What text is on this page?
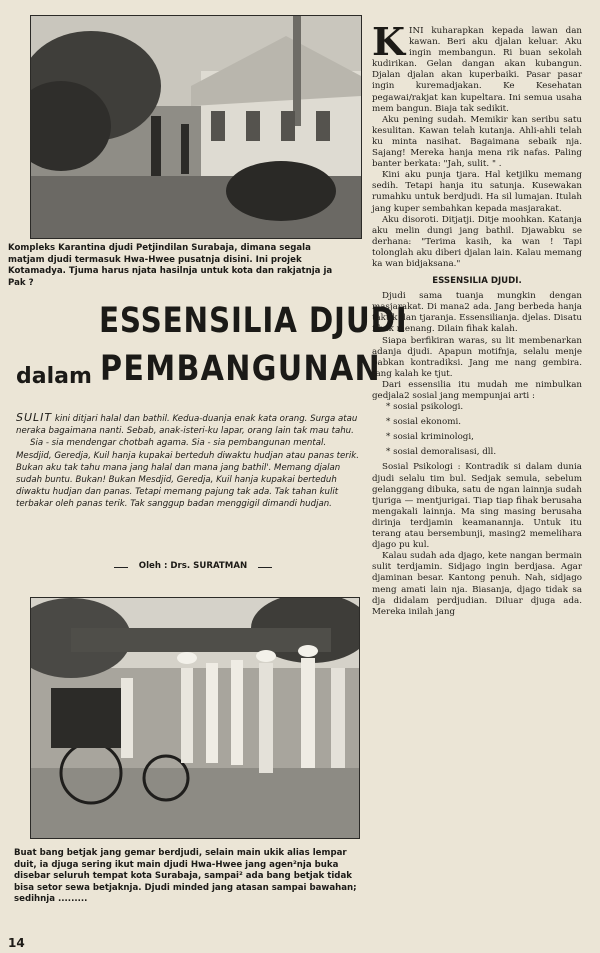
Kompleks Karantina djudi Petjindilan Surabaja, dimana segala matjam djudi termasuk Hwa-Hwee pusatnja disini. Ini projek Kotamadya. Tjuma harus njata hasilnja untuk kota dan rakjatnja ja Pak ?

ESSENSILIA DJUDI
dalam PEMBANGUNAN

SULIT kini ditjari halal dan bathil. Kedua-duanja enak kata orang. Surga atau neraka bagaimana nanti. Sebab, anak-isteri-ku lapar, orang lain tak mau tahu.

Sia - sia mendengar chotbah agama. Sia - sia pembangunan mental. Mesdjid, Geredja, Kuil hanja kupakai berteduh diwaktu hudjan atau panas terik. Bukan aku tak tahu mana jang halal dan mana jang bathil'. Memang djalan sudah buntu. Bukan! Bukan Mesdjid, Geredja, Kuil hanja kupakai berteduh diwaktu hudjan dan panas. Tetapi memang pajung tak ada. Tak tahan kulit terbakar oleh panas terik. Tak sanggup badan menggigil dimandi hudjan.

Oleh : Drs. SURATMAN

Buat bang betjak jang gemar berdjudi, selain main ukik alias lempar duit, ia djuga sering ikut main djudi Hwa-Hwee jang agen²nja buka disebar seluruh tempat kota Surabaja, sampai² ada bang betjak tidak bisa setor sewa betjaknja. Djudi minded jang atasan sampai bawahan; sedihnja .........

14

KINI kuharapkan kepada lawan dan kawan. Beri aku djalan keluar. Aku ingin membangun. Ri buan sekolah kudirikan. Gelan dangan akan kubangun. Djalan djalan akan kuperbaiki. Pasar pasar ingin kuremadjakan. Ke Kesehatan pegawai/rakjat kan kupeltara. Ini semua usaha mem bangun. Biaja tak sedikit.

Aku pening sudah. Memikir kan seribu satu kesulitan. Kawan telah kutanja. Ahli-ahli telah ku minta nasihat. Bagaimana sebaik nja. Sajang! Mereka hanja mena rik nafas. Paling banter berkata: "Jah, sulit. " .

Kini aku punja tjara. Hal ketjilku memang sedih. Tetapi hanja itu satunja. Kusewakan rumahku untuk berdjudi. Ha sil lumajan. Itulah jang kuper sembahkan kepada masjarakat.

Aku disoroti. Ditjatji. Ditje moohkan. Katanja aku melin dungi jang bathil. Djawabku se derhana: "Terima kasih, ka wan ! Tapi tolonglah aku diberi djalan lain. Kalau memang ka wan bidjaksana."

ESSENSILIA DJUDI.

Djudi sama tuanja mungkin dengan masjarakat. Di mana2 ada. Jang berbeda hanja taktik dan tjaranja. Essensilianja. djelas. Disatu fihak menang. Dilain fihak kalah.

Siapa berfikiran waras, su lit membenarkan adanja djudi. Apapun motifnja, selalu menje babkan kontradiksi. Jang me nang gembira. Jang kalah ke tjut.

Dari essensilia itu mudah me nimbulkan gedjala2 sosial jang mempunjai arti :

* sosial psikologi.
* sosial ekonomi.
* sosial kriminologi,
* sosial demoralisasi, dll.

Sosial Psikologi : Kontradik si dalam dunia djudi selalu tim bul. Sedjak semula, sebelum gelanggang dibuka, satu de ngan lainnja sudah tjuriga — mentjurigai. Tiap tiap fihak berusaha mengakali lainnja. Ma sing masing berusaha dirinja terdjamin keamanannja. Untuk itu terang atau bersembunji, masing2 memelihara djago pu kul.

Kalau sudah ada djago, kete nangan bermain sulit terdjamin. Sidjago ingin berdjasa. Agar djaminan besar. Kantong penuh. Nah, sidjago meng amati lain nja. Biasanja, djago tidak sa dja didalam perdjudian. Diluar djuga ada. Mereka inilah jang
